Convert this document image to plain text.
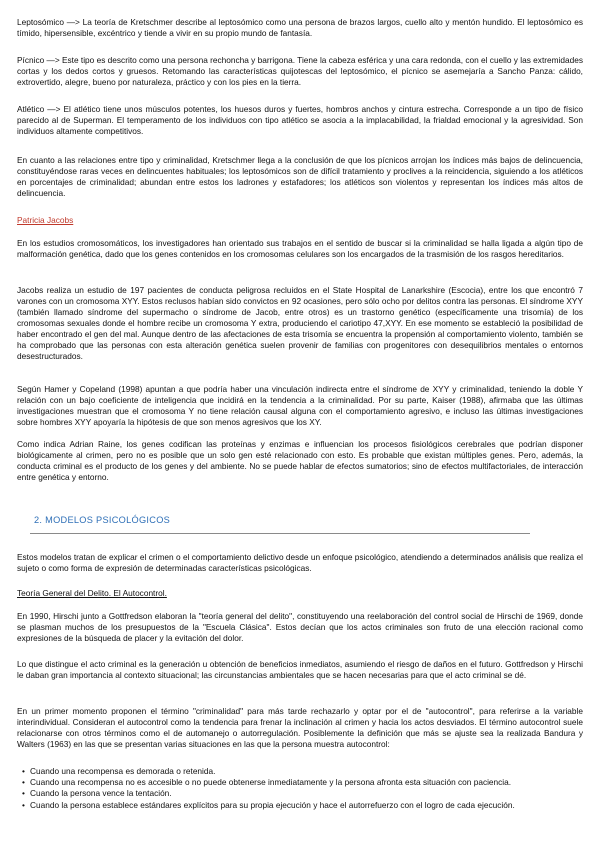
Leptosómico —> La teoría de Kretschmer describe al leptosómico como una persona de brazos largos, cuello alto y mentón hundido. El leptosómico es tímido, hipersensible, excéntrico y tiende a vivir en su propio mundo de fantasía.

Pícnico —> Este tipo es descrito como una persona rechoncha y barrigona. Tiene la cabeza esférica y una cara redonda, con el cuello y las extremidades cortas y los dedos cortos y gruesos. Retomando las características quijotescas del leptosómico, el pícnico se asemejaría a Sancho Panza: cálido, extrovertido, alegre, bueno por naturaleza, práctico y con los pies en la tierra.

Atlético —> El atlético tiene unos músculos potentes, los huesos duros y fuertes, hombros anchos y cintura estrecha. Corresponde a un tipo de físico parecido al de Superman. El temperamento de los individuos con tipo atlético se asocia a la implacabilidad, la frialdad emocional y la agresividad. Son individuos altamente competitivos.

En cuanto a las relaciones entre tipo y criminalidad, Kretschmer llega a la conclusión de que los pícnicos arrojan los índices más bajos de delincuencia, constituyéndose raras veces en delincuentes habituales; los leptosómicos son de difícil tratamiento y proclives a la reincidencia, siguiendo a los atléticos en porcentajes de criminalidad; abundan entre estos los ladrones y estafadores; los atléticos son violentos y representan los índices más altos de delincuencia.

Patricia Jacobs

En los estudios cromosomáticos, los investigadores han orientado sus trabajos en el sentido de buscar si la criminalidad se halla ligada a algún tipo de malformación genética, dado que los genes contenidos en los cromosomas celulares son los encargados de la trasmisión de los rasgos hereditarios.

Jacobs realiza un estudio de 197 pacientes de conducta peligrosa recluidos en el State Hospital de Lanarkshire (Escocia), entre los que encontró 7 varones con un cromosoma XYY. Estos reclusos habían sido convictos en 92 ocasiones, pero sólo ocho por delitos contra las personas. El síndrome XYY (también llamado síndrome del supermacho o síndrome de Jacob, entre otros) es un trastorno genético (específicamente una trisomía) de los cromosomas sexuales donde el hombre recibe un cromosoma Y extra, produciendo el cariotipo 47,XYY. En ese momento se estableció la posibilidad de haber encontrado el gen del mal. Aunque dentro de las afectaciones de esta trisomía se encuentra la propensión al comportamiento violento, también se ha comprobado que las personas con esta alteración genética suelen provenir de familias con progenitores con desequilibrios mentales o entornos desestructurados.

Según Hamer y Copeland (1998) apuntan a que podría haber una vinculación indirecta entre el síndrome de XYY y criminalidad, teniendo la doble Y relación con un bajo coeficiente de inteligencia que incidirá en la tendencia a la criminalidad. Por su parte, Kaiser (1988), afirmaba que las últimas investigaciones muestran que el cromosoma Y no tiene relación causal alguna con el comportamiento agresivo, e incluso las últimas investigaciones sobre hombres XYY apoyaría la hipótesis de que son menos agresivos que los XY.

Como indica Adrian Raine, los genes codifican las proteínas y enzimas e influencian los procesos fisiológicos cerebrales que podrían disponer biológicamente al crimen, pero no es posible que un solo gen esté relacionado con esto. Es probable que existan múltiples genes. Pero, además, la conducta criminal es el producto de los genes y del ambiente. No se puede hablar de efectos sumatorios; sino de efectos multifactoriales, de interacción entre genética y entorno.

2. MODELOS PSICOLÓGICOS

Estos modelos tratan de explicar el crimen o el comportamiento delictivo desde un enfoque psicológico, atendiendo a determinados análisis que realiza el sujeto o como forma de expresión de determinadas características psicológicas.

Teoría General del Delito. El Autocontrol.

En 1990, Hirschi junto a Gottfredson elaboran la "teoría general del delito", constituyendo una reelaboración del control social de Hirschi de 1969, donde se plasman muchos de los presupuestos de la "Escuela Clásica". Estos decían que los actos criminales son fruto de una elección racional como expresiones de la búsqueda de placer y la evitación del dolor.

Lo que distingue el acto criminal es la generación u obtención de beneficios inmediatos, asumiendo el riesgo de daños en el futuro. Gottfredson y Hirschi le daban gran importancia al contexto situacional; las circunstancias ambientales que se hacen necesarias para que el acto criminal se dé.

En un primer momento proponen el término "criminalidad" para más tarde rechazarlo y optar por el de "autocontrol", para referirse a la variable interindividual. Consideran el autocontrol como la tendencia para frenar la inclinación al crimen y hacia los actos desviados. El término autocontrol suele relacionarse con otros términos como el de automanejo o autorregulación. Posiblemente la definición que más se ajuste sea la realizada Bandura y Walters (1963) en las que se presentan varias situaciones en las que la persona muestra autocontrol:

• Cuando una recompensa es demorada o retenida.
• Cuando una recompensa no es accesible o no puede obtenerse inmediatamente y la persona afronta esta situación con paciencia.
• Cuando la persona vence la tentación.
• Cuando la persona establece estándares explícitos para su propia ejecución y hace el autorrefuerzo con el logro de cada ejecución.
